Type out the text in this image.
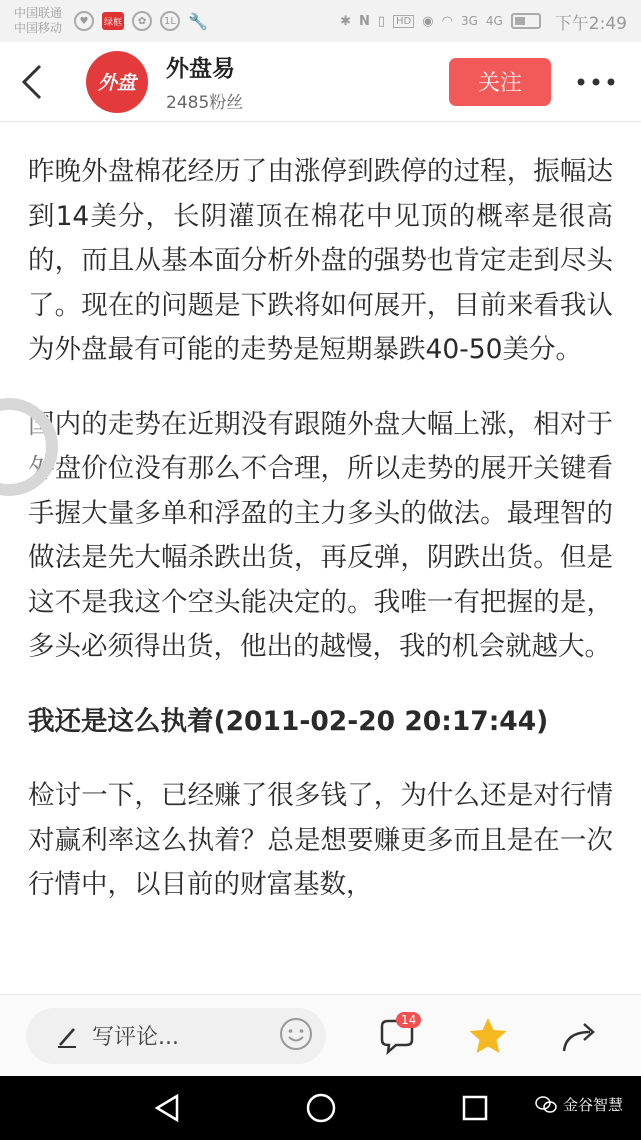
中国联通
中国移动	♥	绿框	✿	1L 🔧	✱ N ▯	HD ◉ ◠ 3G 4G	下午2:49
外盘
外盘易
2485粉丝
关注

昨晚外盘棉花经历了由涨停到跌停的过程，振幅达到14美分，长阴灌顶在棉花中见顶的概率是很高的，而且从基本面分析外盘的强势也肯定走到尽头了。现在的问题是下跌将如何展开，目前来看我认为外盘最有可能的走势是短期暴跌40-50美分。

国内的走势在近期没有跟随外盘大幅上涨，相对于外盘价位没有那么不合理，所以走势的展开关键看手握大量多单和浮盈的主力多头的做法。最理智的做法是先大幅杀跌出货，再反弹，阴跌出货。但是这不是我这个空头能决定的。我唯一有把握的是，多头必须得出货，他出的越慢，我的机会就越大。

我还是这么执着(2011-02-20 20:17:44)

检讨一下，已经赚了很多钱了，为什么还是对行情对赢利率这么执着？总是想要赚更多而且是在一次行情中，以目前的财富基数，

写评论...
14
金谷智慧
